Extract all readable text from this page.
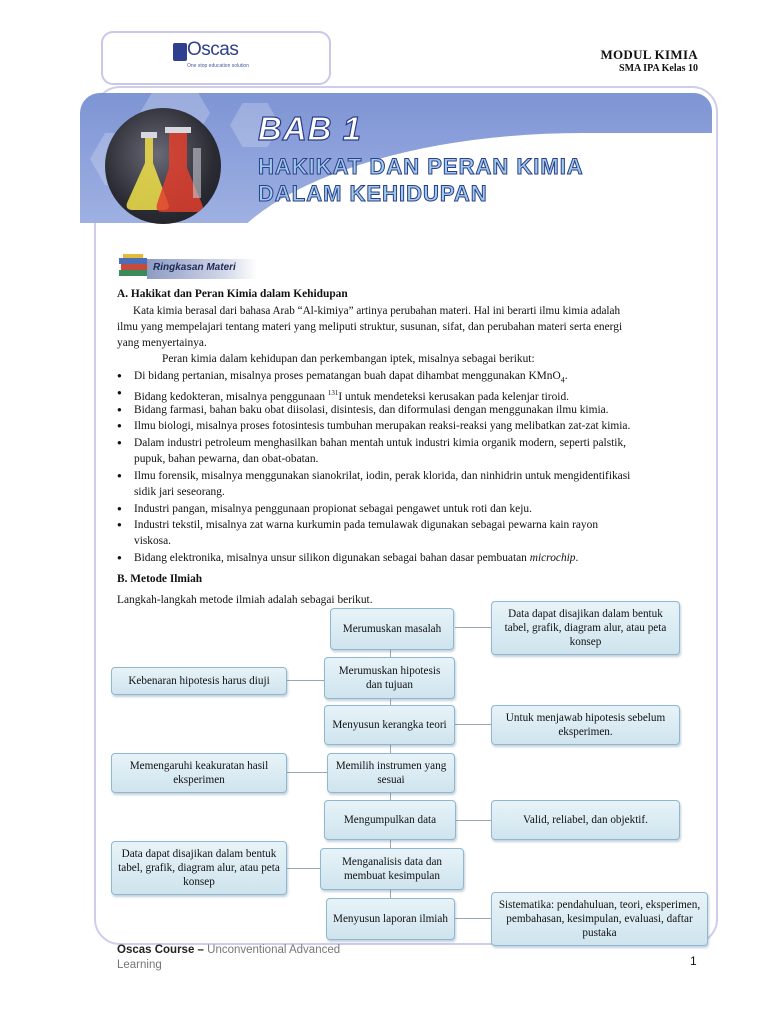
Oscas
One stop education solution
MODUL KIMIA
SMA IPA Kelas 10
BAB 1
HAKIKAT DAN PERAN KIMIA
DALAM KEHIDUPAN
Ringkasan Materi
A. Hakikat dan Peran Kimia dalam Kehidupan
Kata kimia berasal dari bahasa Arab “Al-kimiya” artinya perubahan materi. Hal ini berarti ilmu kimia adalah
ilmu yang mempelajari tentang materi yang meliputi struktur, susunan, sifat, dan perubahan materi serta energi
yang menyertainya.
Peran kimia dalam kehidupan dan perkembangan iptek, misalnya sebagai berikut:
● Di bidang pertanian, misalnya proses pematangan buah dapat dihambat menggunakan KMnO$_4$.
● Bidang kedokteran, misalnya penggunaan $^{131}$I untuk mendeteksi kerusakan pada kelenjar tiroid.
● Bidang farmasi, bahan baku obat diisolasi, disintesis, dan diformulasi dengan menggunakan ilmu kimia.
● Ilmu biologi, misalnya proses fotosintesis tumbuhan merupakan reaksi-reaksi yang melibatkan zat-zat kimia.
● Dalam industri petroleum menghasilkan bahan mentah untuk industri kimia organik modern, seperti palstik,
pupuk, bahan pewarna, dan obat-obatan.
● Ilmu forensik, misalnya menggunakan sianokrilat, iodin, perak klorida, dan ninhidrin untuk mengidentifikasi
sidik jari seseorang.
● Industri pangan, misalnya penggunaan propionat sebagai pengawet untuk roti dan keju.
● Industri tekstil, misalnya zat warna kurkumin pada temulawak digunakan sebagai pewarna kain rayon
viskosa.
● Bidang elektronika, misalnya unsur silikon digunakan sebagai bahan dasar pembuatan microchip.
B. Metode Ilmiah
Langkah-langkah metode ilmiah adalah sebagai berikut.
Merumuskan masalah
Merumuskan hipotesis dan tujuan
Menyusun kerangka teori
Memilih instrumen yang sesuai
Mengumpulkan data
Menganalisis data dan membuat kesimpulan
Menyusun laporan ilmiah
Data dapat disajikan dalam bentuk tabel, grafik, diagram alur, atau peta konsep
Untuk menjawab hipotesis sebelum eksperimen.
Valid, reliabel, dan objektif.
Sistematika: pendahuluan, teori, eksperimen, pembahasan, kesimpulan, evaluasi, daftar pustaka
Kebenaran hipotesis harus diuji
Memengaruhi keakuratan hasil eksperimen
Data dapat disajikan dalam bentuk tabel, grafik, diagram alur, atau peta konsep
Oscas Course – Unconventional Advanced Learning	1
